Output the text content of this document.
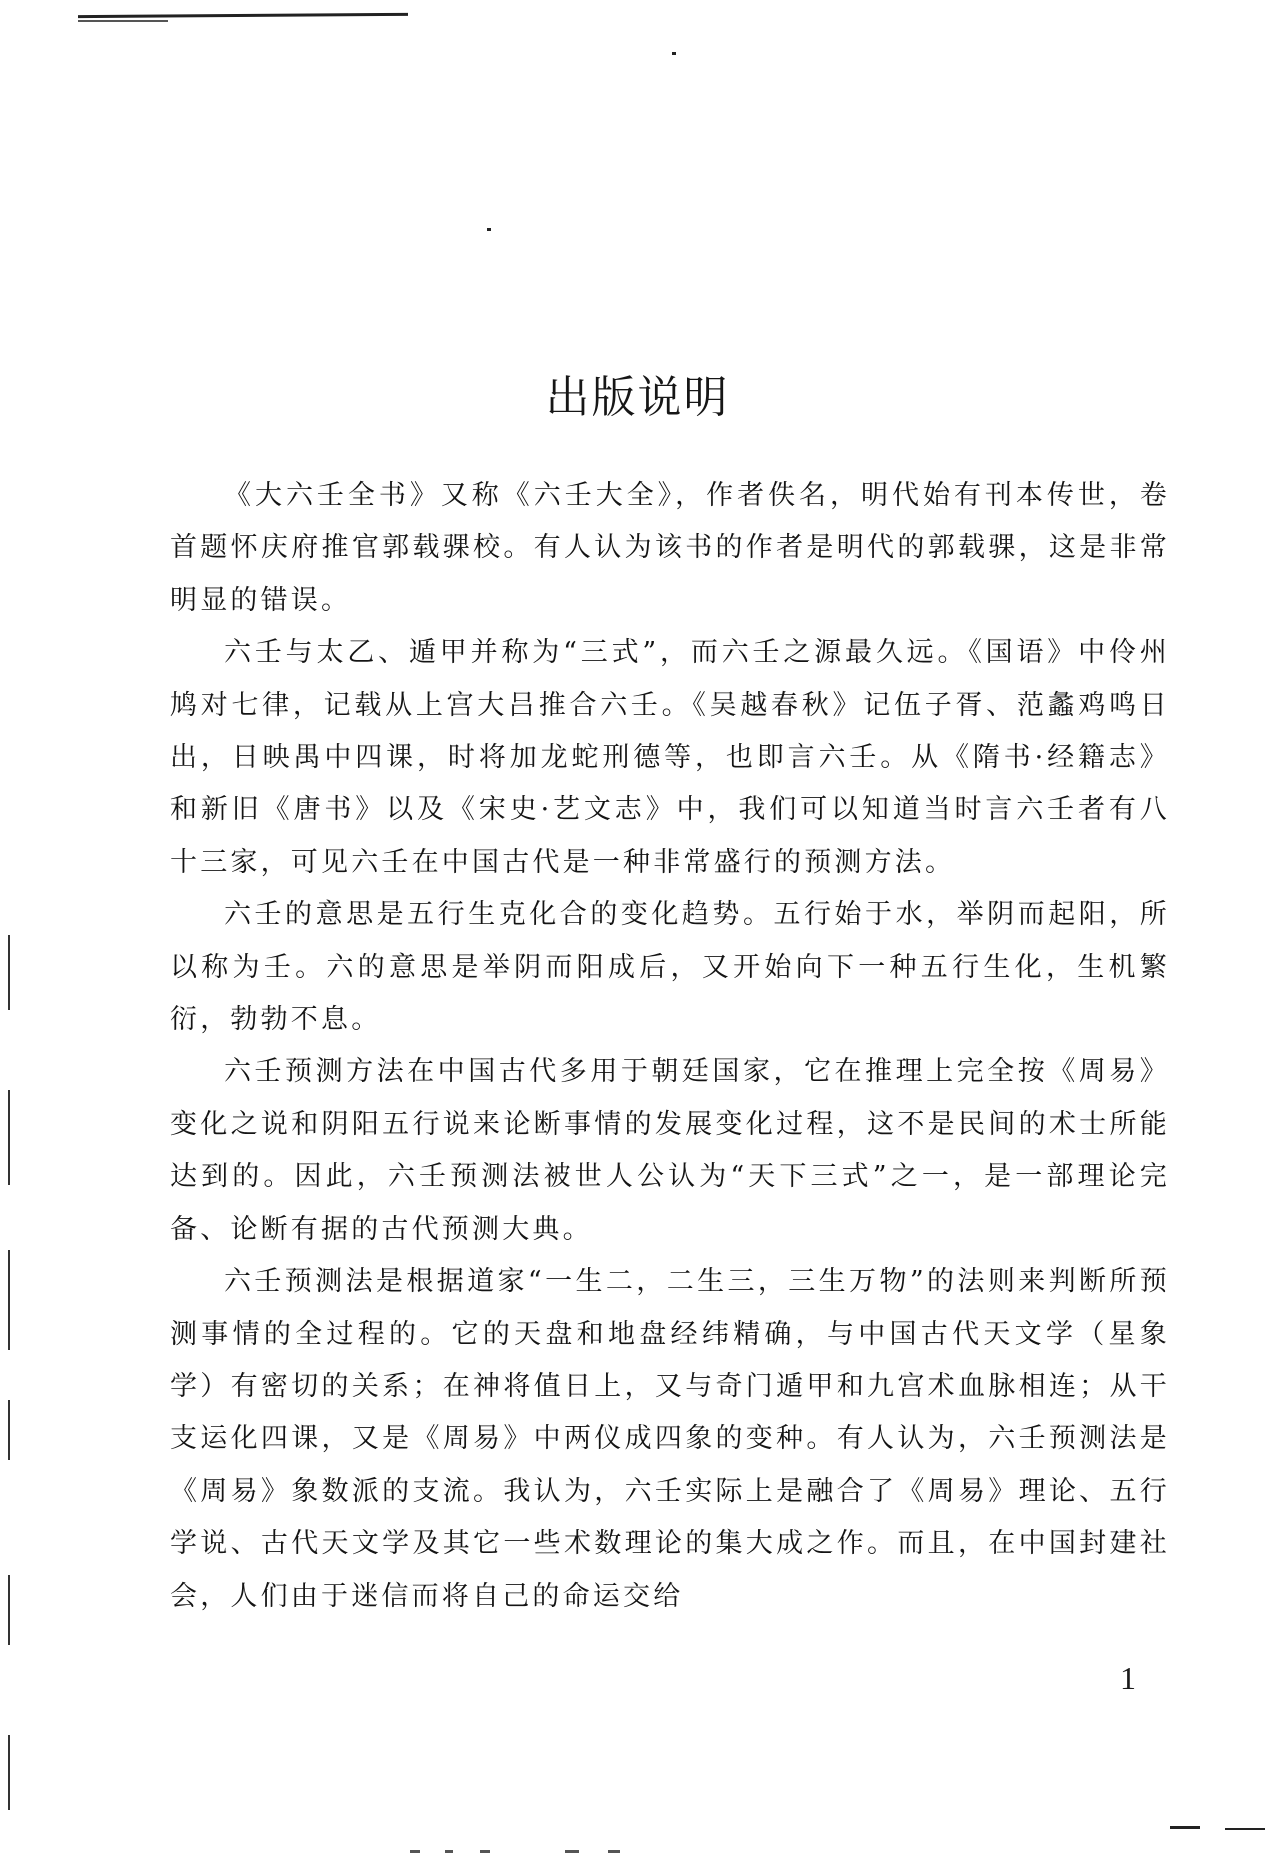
出版说明

《大六壬全书》又称《六壬大全》，作者佚名，明代始有刊本传世，卷首题怀庆府推官郭载骒校。有人认为该书的作者是明代的郭载骒，这是非常明显的错误。

六壬与太乙、遁甲并称为“三式”，而六壬之源最久远。《国语》中伶州鸠对七律，记载从上宫大吕推合六壬。《吴越春秋》记伍子胥、范蠡鸡鸣日出，日映禺中四课，时将加龙蛇刑德等，也即言六壬。从《隋书·经籍志》和新旧《唐书》以及《宋史·艺文志》中，我们可以知道当时言六壬者有八十三家，可见六壬在中国古代是一种非常盛行的预测方法。

六壬的意思是五行生克化合的变化趋势。五行始于水，举阴而起阳，所以称为壬。六的意思是举阴而阳成后，又开始向下一种五行生化，生机繁衍，勃勃不息。

六壬预测方法在中国古代多用于朝廷国家，它在推理上完全按《周易》变化之说和阴阳五行说来论断事情的发展变化过程，这不是民间的术士所能达到的。因此，六壬预测法被世人公认为“天下三式”之一，是一部理论完备、论断有据的古代预测大典。

六壬预测法是根据道家“一生二，二生三，三生万物”的法则来判断所预测事情的全过程的。它的天盘和地盘经纬精确，与中国古代天文学（星象学）有密切的关系；在神将值日上，又与奇门遁甲和九宫术血脉相连；从干支运化四课，又是《周易》中两仪成四象的变种。有人认为，六壬预测法是《周易》象数派的支流。我认为，六壬实际上是融合了《周易》理论、五行学说、古代天文学及其它一些术数理论的集大成之作。而且，在中国封建社会，人们由于迷信而将自己的命运交给

1
